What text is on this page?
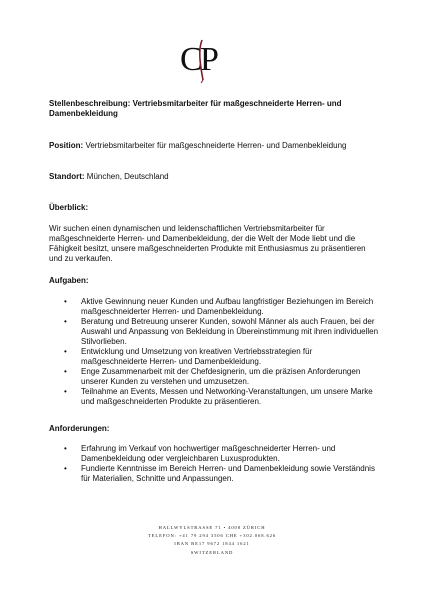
C
P
Stellenbeschreibung: Vertriebsmitarbeiter für maßgeschneiderte Herren- und Damenbekleidung
Position: Vertriebsmitarbeiter für maßgeschneiderte Herren- und Damenbekleidung
Standort: München, Deutschland
Überblick:
Wir suchen einen dynamischen und leidenschaftlichen Vertriebsmitarbeiter für maßgeschneiderte Herren- und Damenbekleidung, der die Welt der Mode liebt und die Fähigkeit besitzt, unsere maßgeschneiderten Produkte mit Enthusiasmus zu präsentieren und zu verkaufen.
Aufgaben:
• Aktive Gewinnung neuer Kunden und Aufbau langfristiger Beziehungen im Bereich maßgeschneiderter Herren- und Damenbekleidung.
• Beratung und Betreuung unserer Kunden, sowohl Männer als auch Frauen, bei der Auswahl und Anpassung von Bekleidung in Übereinstimmung mit ihren individuellen Stilvorlieben.
• Entwicklung und Umsetzung von kreativen Vertriebsstrategien für maßgeschneiderte Herren- und Damenbekleidung.
• Enge Zusammenarbeit mit der Chefdesignerin, um die präzisen Anforderungen unserer Kunden zu verstehen und umzusetzen.
• Teilnahme an Events, Messen und Networking-Veranstaltungen, um unsere Marke und maßgeschneiderten Produkte zu präsentieren.
Anforderungen:
• Erfahrung im Verkauf von hochwertiger maßgeschneiderter Herren- und Damenbekleidung oder vergleichbaren Luxusprodukten.
• Fundierte Kenntnisse im Bereich Herren- und Damenbekleidung sowie Verständnis für Materialien, Schnitte und Anpassungen.
HALLWYLSTRASSE 71 • 4008 ZÜRICH
TELEFON: +41 79 294 3506 CHE +302.068.626
IBAN BE17 9672 1844 1621
SWITZERLAND
